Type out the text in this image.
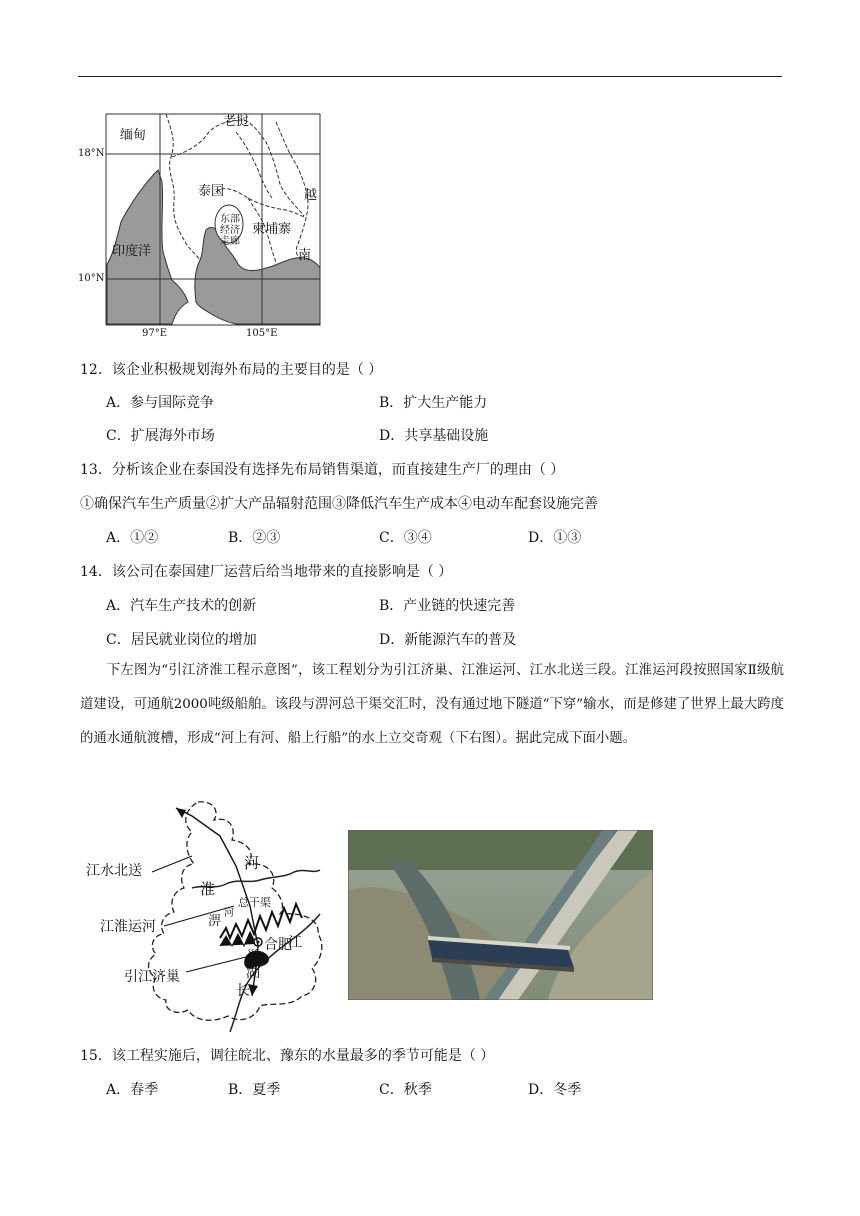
缅甸
老挝
泰国	越
南
柬埔寨
印度洋
东部
经济
走廊
18°N
10°N
97°E	105°E
12．该企业积极规划海外布局的主要目的是（ ）
A．参与国际竞争	B．扩大生产能力
C．扩展海外市场	D．共享基础设施
13．分析该企业在泰国没有选择先布局销售渠道，而直接建生产厂的理由（ ）
①确保汽车生产质量②扩大产品辐射范围③降低汽车生产成本④电动车配套设施完善
A．①②	B．②③	C．③④	D．①③
14．该公司在泰国建厂运营后给当地带来的直接影响是（ ）
A．汽车生产技术的创新	B．产业链的快速完善
C．居民就业岗位的增加	D．新能源汽车的普及

下左图为“引江济淮工程示意图”，该工程划分为引江济巢、江淮运河、江水北送三段。江淮运河段按照国家Ⅱ级航道建设，可通航2000吨级船舶。该段与淠河总干渠交汇时，没有通过地下隧道“下穿”输水，而是修建了世界上最大跨度的通水通航渡槽，形成“河上有河、船上行船”的水上立交奇观（下右图）。据此完成下面小题。

江水北送
江淮运河
引江济巢
河
淮
淠
河
总干渠
合肥
江
巢
湖
长
15．该工程实施后，调往皖北、豫东的水量最多的季节可能是（ ）
A．春季	B．夏季	C．秋季	D．冬季
